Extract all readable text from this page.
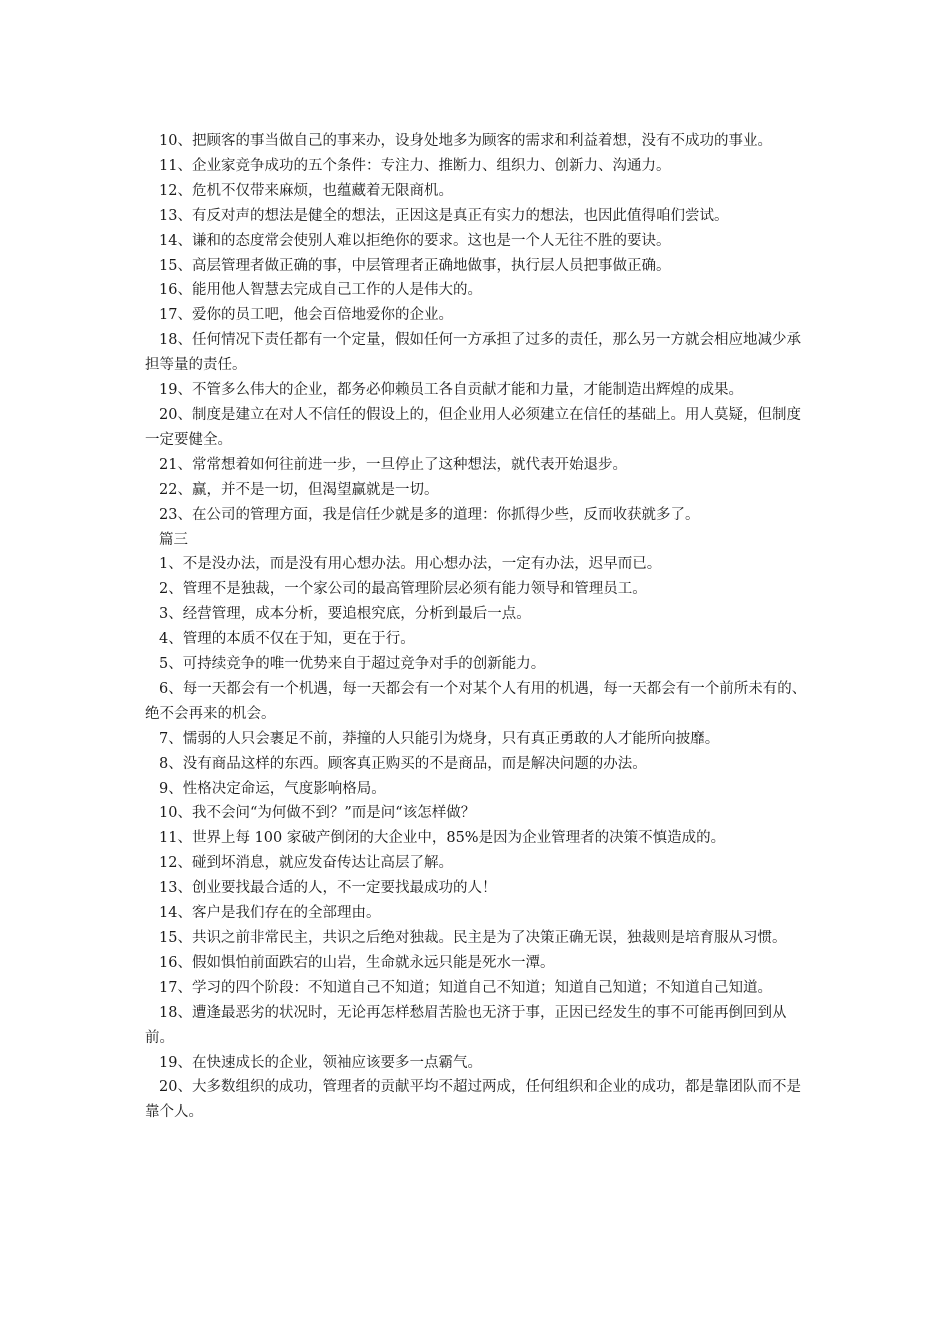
10、把顾客的事当做自己的事来办，设身处地多为顾客的需求和利益着想，没有不成功的事业。

11、企业家竞争成功的五个条件：专注力、推断力、组织力、创新力、沟通力。

12、危机不仅带来麻烦，也蕴藏着无限商机。

13、有反对声的想法是健全的想法，正因这是真正有实力的想法，也因此值得咱们尝试。

14、谦和的态度常会使别人难以拒绝你的要求。这也是一个人无往不胜的要诀。

15、高层管理者做正确的事，中层管理者正确地做事，执行层人员把事做正确。

16、能用他人智慧去完成自己工作的人是伟大的。

17、爱你的员工吧，他会百倍地爱你的企业。

18、任何情况下责任都有一个定量，假如任何一方承担了过多的责任，那么另一方就会相应地减少承担等量的责任。

19、不管多么伟大的企业，都务必仰赖员工各自贡献才能和力量，才能制造出辉煌的成果。

20、制度是建立在对人不信任的假设上的，但企业用人必须建立在信任的基础上。用人莫疑，但制度一定要健全。

21、常常想着如何往前进一步，一旦停止了这种想法，就代表开始退步。

22、赢，并不是一切，但渴望赢就是一切。

23、在公司的管理方面，我是信任少就是多的道理：你抓得少些，反而收获就多了。

篇三

1、不是没办法，而是没有用心想办法。用心想办法，一定有办法，迟早而已。

2、管理不是独裁，一个家公司的最高管理阶层必须有能力领导和管理员工。

3、经营管理，成本分析，要追根究底，分析到最后一点。

4、管理的本质不仅在于知，更在于行。

5、可持续竞争的唯一优势来自于超过竞争对手的创新能力。

6、每一天都会有一个机遇，每一天都会有一个对某个人有用的机遇，每一天都会有一个前所未有的、绝不会再来的机会。

7、懦弱的人只会裹足不前，莽撞的人只能引为烧身，只有真正勇敢的人才能所向披靡。

8、没有商品这样的东西。顾客真正购买的不是商品，而是解决问题的办法。

9、性格决定命运，气度影响格局。

10、我不会问“为何做不到？”而是问“该怎样做？

11、世界上每 100 家破产倒闭的大企业中，85%是因为企业管理者的决策不慎造成的。

12、碰到坏消息，就应发奋传达让高层了解。

13、创业要找最合适的人，不一定要找最成功的人！

14、客户是我们存在的全部理由。

15、共识之前非常民主，共识之后绝对独裁。民主是为了决策正确无误，独裁则是培育服从习惯。

16、假如惧怕前面跌宕的山岩，生命就永远只能是死水一潭。

17、学习的四个阶段：不知道自己不知道；知道自己不知道；知道自己知道；不知道自己知道。

18、遭逢最恶劣的状况时，无论再怎样愁眉苦脸也无济于事，正因已经发生的事不可能再倒回到从前。

19、在快速成长的企业，领袖应该要多一点霸气。

20、大多数组织的成功，管理者的贡献平均不超过两成，任何组织和企业的成功，都是靠团队而不是靠个人。
